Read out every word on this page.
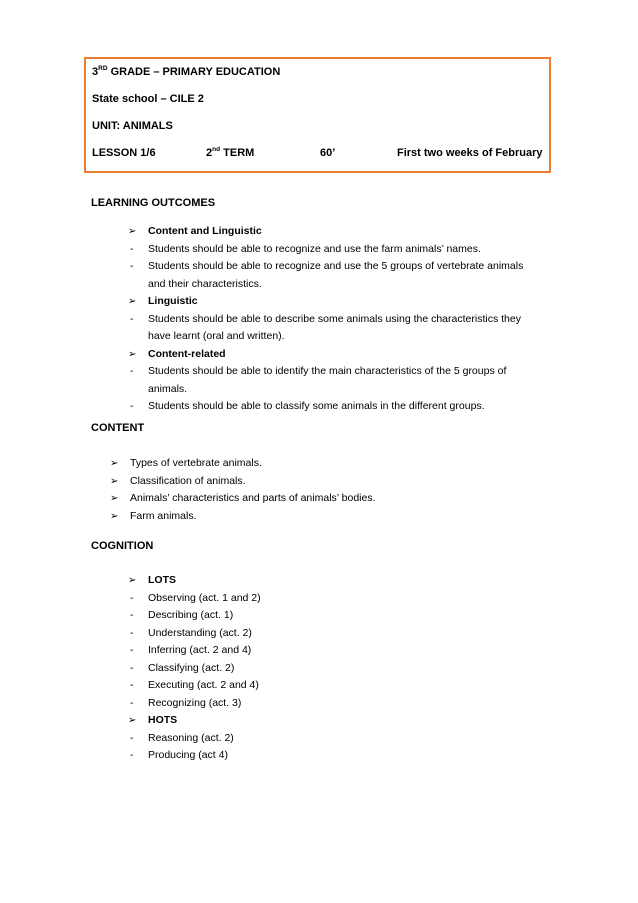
3RD GRADE – PRIMARY EDUCATION
State school – CILE 2
UNIT: ANIMALS
LESSON 1/6	2nd TERM	60’	First two weeks of February
LEARNING OUTCOMES
➢ Content and Linguistic
- Students should be able to recognize and use the farm animals’ names.
- Students should be able to recognize and use the 5 groups of vertebrate animals
and their characteristics.
➢ Linguistic
- Students should be able to describe some animals using the characteristics they
have learnt (oral and written).
➢ Content-related
- Students should be able to identify the main characteristics of the 5 groups of
animals.
- Students should be able to classify some animals in the different groups.
CONTENT
➢ Types of vertebrate animals.
➢ Classification of animals.
➢ Animals’ characteristics and parts of animals’ bodies.
➢ Farm animals.
COGNITION
➢ LOTS
- Observing (act. 1 and 2)
- Describing (act. 1)
- Understanding (act. 2)
- Inferring (act. 2 and 4)
- Classifying (act. 2)
- Executing (act. 2 and 4)
- Recognizing (act. 3)
➢ HOTS
- Reasoning (act. 2)
- Producing (act 4)
